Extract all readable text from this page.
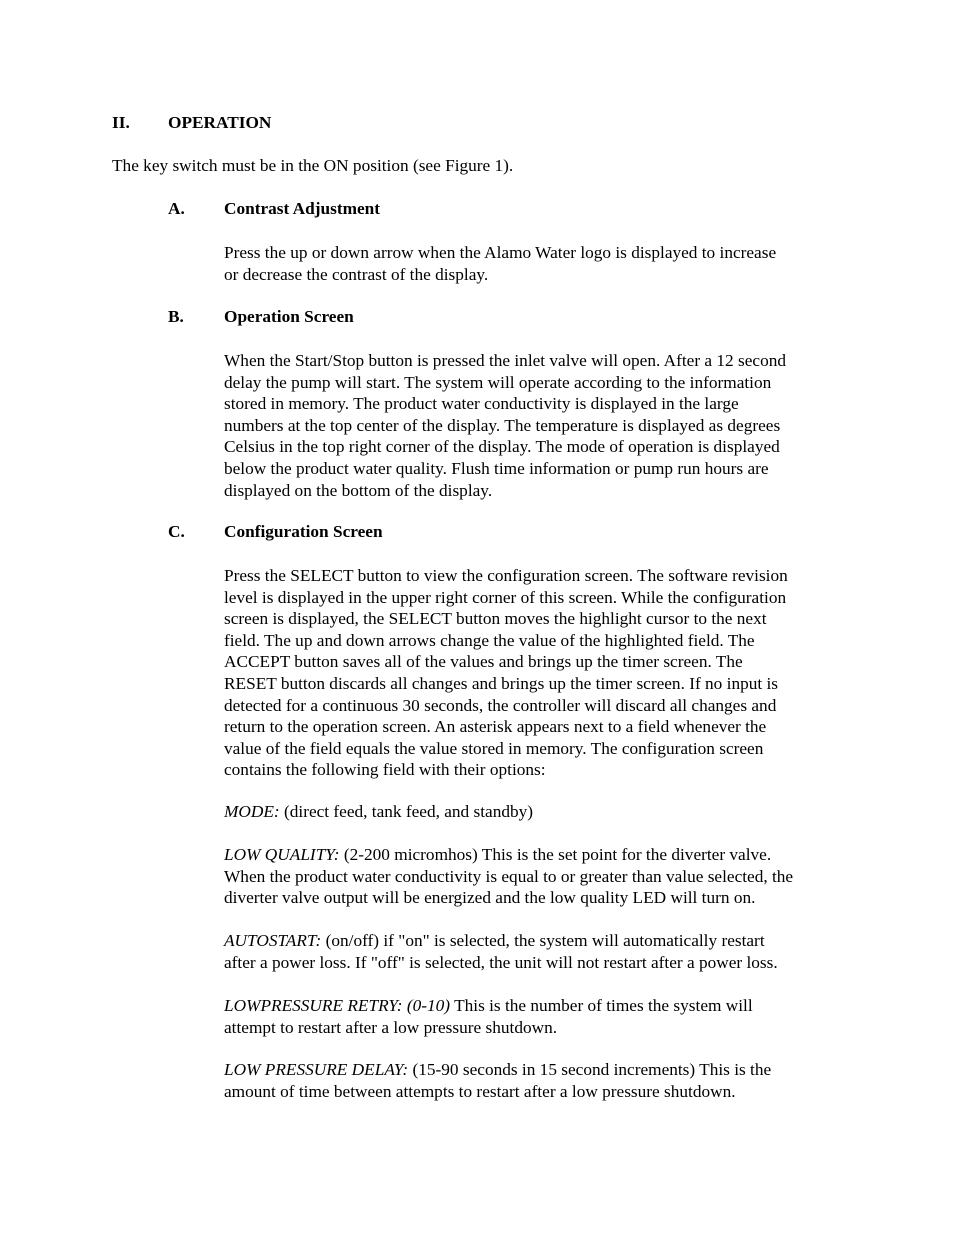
II. OPERATION
The key switch must be in the ON position (see Figure 1).
A. Contrast Adjustment

Press the up or down arrow when the Alamo Water logo is displayed to increase
or decrease the contrast of the display.

B. Operation Screen

When the Start/Stop button is pressed the inlet valve will open. After a 12 second
delay the pump will start. The system will operate according to the information
stored in memory. The product water conductivity is displayed in the large
numbers at the top center of the display. The temperature is displayed as degrees
Celsius in the top right corner of the display. The mode of operation is displayed
below the product water quality. Flush time information or pump run hours are
displayed on the bottom of the display.

C. Configuration Screen

Press the SELECT button to view the configuration screen. The software revision
level is displayed in the upper right corner of this screen. While the configuration
screen is displayed, the SELECT button moves the highlight cursor to the next
field. The up and down arrows change the value of the highlighted field. The
ACCEPT button saves all of the values and brings up the timer screen. The
RESET button discards all changes and brings up the timer screen. If no input is
detected for a continuous 30 seconds, the controller will discard all changes and
return to the operation screen. An asterisk appears next to a field whenever the
value of the field equals the value stored in memory. The configuration screen
contains the following field with their options:

MODE: (direct feed, tank feed, and standby)

LOW QUALITY: (2-200 micromhos) This is the set point for the diverter valve.
When the product water conductivity is equal to or greater than value selected, the
diverter valve output will be energized and the low quality LED will turn on.

AUTOSTART: (on/off) if "on" is selected, the system will automatically restart
after a power loss. If "off" is selected, the unit will not restart after a power loss.

LOWPRESSURE RETRY: (0-10) This is the number of times the system will
attempt to restart after a low pressure shutdown.

LOW PRESSURE DELAY: (15-90 seconds in 15 second increments) This is the
amount of time between attempts to restart after a low pressure shutdown.
